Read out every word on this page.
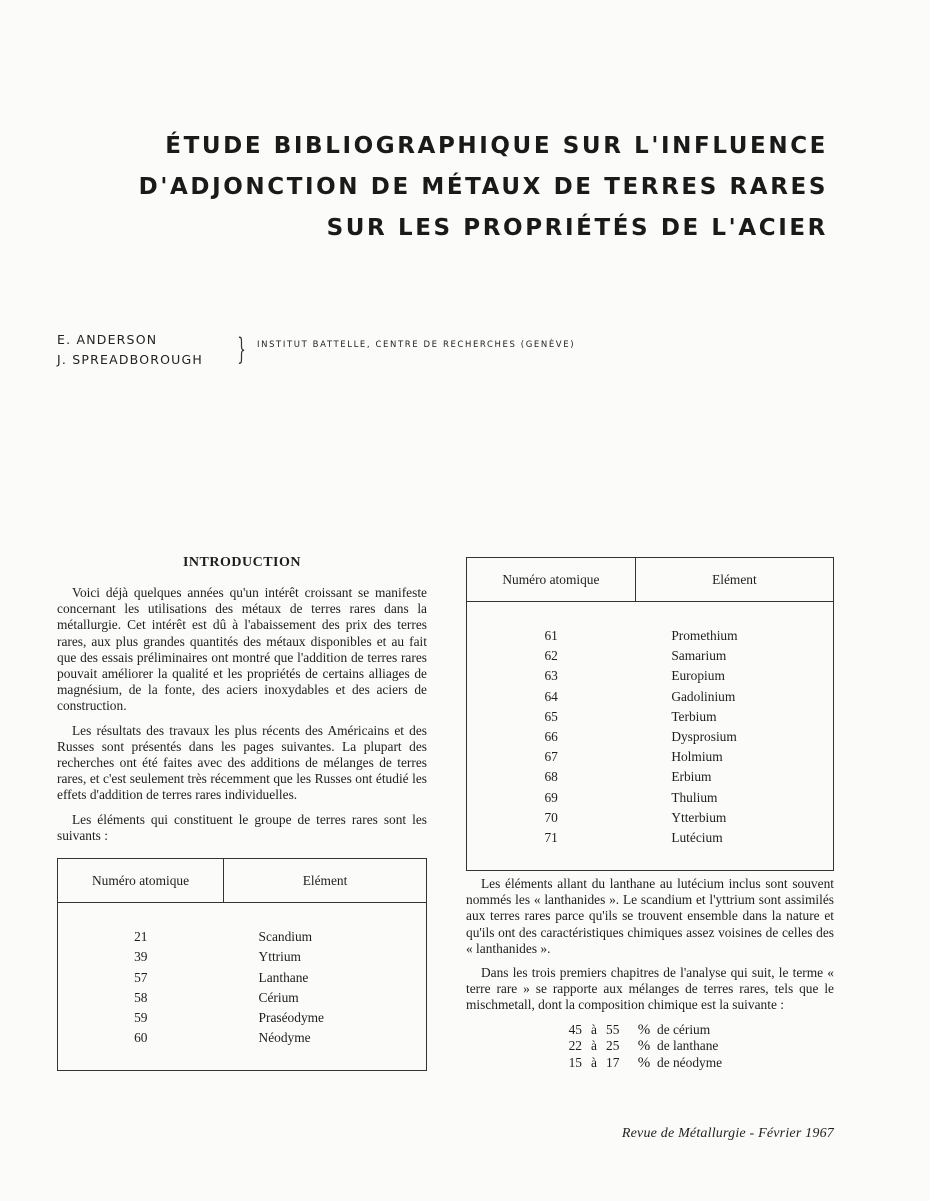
ÉTUDE BIBLIOGRAPHIQUE SUR L'INFLUENCE
D'ADJONCTION DE MÉTAUX DE TERRES RARES
SUR LES PROPRIÉTÉS DE L'ACIER
E. ANDERSON
J. SPREADBOROUGH } INSTITUT BATTELLE, CENTRE DE RECHERCHES (GENÈVE)
INTRODUCTION

Voici déjà quelques années qu'un intérêt croissant se manifeste concernant les utilisations des métaux de terres rares dans la métallurgie. Cet intérêt est dû à l'abaissement des prix des terres rares, aux plus grandes quantités des métaux disponibles et au fait que des essais préliminaires ont montré que l'addition de terres rares pouvait améliorer la qualité et les propriétés de certains alliages de magnésium, de la fonte, des aciers inoxydables et des aciers de construction.

Les résultats des travaux les plus récents des Américains et des Russes sont présentés dans les pages suivantes. La plupart des recherches ont été faites avec des additions de mélanges de terres rares, et c'est seulement très récemment que les Russes ont étudié les effets d'addition de terres rares individuelles.

Les éléments qui constituent le groupe de terres rares sont les suivants :

Numéro atomique	Elément

21	Scandium
39	Yttrium
57	Lanthane
58	Cérium
59	Praséodyme
60	Néodyme

Numéro atomique	Elément

61	Promethium
62	Samarium
63	Europium
64	Gadolinium
65	Terbium
66	Dysprosium
67	Holmium
68	Erbium
69	Thulium
70	Ytterbium
71	Lutécium

Les éléments allant du lanthane au lutécium inclus sont souvent nommés les « lanthanides ». Le scandium et l'yttrium sont assimilés aux terres rares parce qu'ils se trouvent ensemble dans la nature et qu'ils ont des caractéristiques chimiques assez voisines de celles des « lanthanides ».

Dans les trois premiers chapitres de l'analyse qui suit, le terme « terre rare » se rapporte aux mélanges de terres rares, tels que le mischmetall, dont la composition chimique est la suivante :

45 à 55	% de cérium
22 à 25	% de lanthane
15 à 17	% de néodyme
Revue de Métallurgie - Février 1967
